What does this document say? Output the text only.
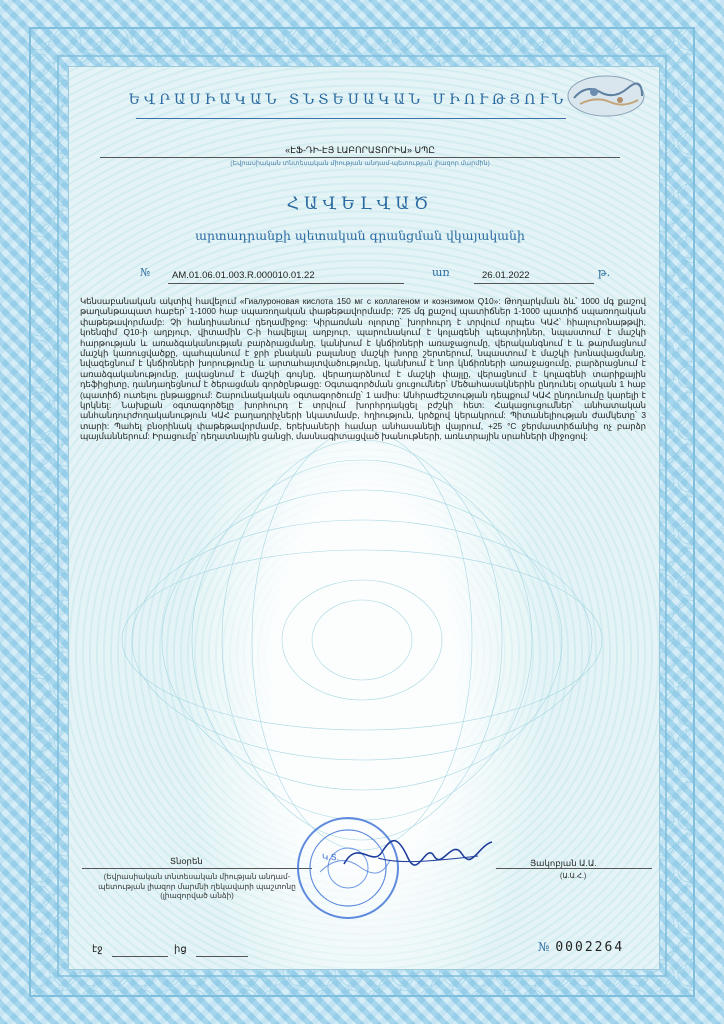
ԵՎՐԱՍԻԱԿԱՆ ՏՆՏԵՍԱԿԱՆ ՄԻՈՒԹՅՈՒՆ
«ԷՖ-ԴԻ-ԷՅ ԼԱԲՈՐԱՏՈՐԻԱ» ՍՊԸ
(Եվրասիական տնտեսական միության անդամ-պետության լիազոր մարմին)
ՀԱՎԵԼՎԱԾ
արտադրանքի պետական գրանցման վկայականի
№ AM.01.06.01.003.R.000010.01.22	առ	26.01.2022	թ.
Կենսաբանական ակտիվ հավելում «Гиалуроновая кислота 150 мг с коллагеном и коэнзимом Q10»: Թողարկման ձև՝ 1000 մգ քաշով թաղանթապատ հաբեր՝ 1-1000 հաբ սպառողական փաթեթավորմամբ; 725 մգ քաշով պատիճներ 1-1000 պատիճ սպառողական փաթեթավորմամբ: Չի հանդիսանում դեղամիջոց: Կիրառման ոլորտը՝ խորհուրդ է տրվում որպես ԿԱՀ՝ հիալուրոնաթթվի, կոենզիմ Q10-ի աղբյուր, վիտամին C-ի հավելյալ աղբյուր, պարունակում է կոլագենի պեպտիդներ, նպաստում է մաշկի հարթության և առաձգականության բարձրացմանը, կանխում է կնճիռների առաջացումը, վերականգնում է և թարմացնում մաշկի կառուցվածքը, պահպանում է ջրի բնական բալանսը մաշկի խորը շերտերում, նպաստում է մաշկի խոնավացմանը, նվազեցնում է կնճիռների խորությունը և արտահայտվածությունը, կանխում է նոր կնճիռների առաջացումը, բարձրացնում է առաձգականությունը, լավացնում է մաշկի գույնը, վերադարձնում է մաշկի փայլը, վերացնում է կոլագենի տարիքային դեֆիցիտը, դանդաղեցնում է ծերացման գործընթացը: Օգտագործման ցուցումներ՝ Մեծահասակներին ընդունել օրական 1 հաբ (պատիճ) ուտելու ընթացքում: Շարունակական օգտագործումը՝ 1 ամիս: Անհրաժեշտության դեպքում ԿԱՀ ընդունումը կարելի է կրկնել: Նախքան օգտագործելը խորհուրդ է տրվում խորհրդակցել բժշկի հետ: Հակացուցումներ՝ անհատական անհանդուրժողականություն ԿԱՀ բաղադրիչների նկատմամբ, հղիություն, կրծքով կերակրում: Պիտանելիության ժամկետը՝ 3 տարի: Պահել բնօրինակ փաթեթավորմամբ, երեխաների համար անհասանելի վայրում, +25 °C ջերմաստիճանից ոչ բարձր պայմաններում: Իրացումը՝ դեղատնային ցանցի, մասնագիտացված խանութների, առևտրային սրահների միջոցով:
Տնօրեն
(Եվրասիական տնտեսական միության անդամ-պետության լիազոր մարմնի ղեկավարի պաշտոնը (լիազորված անձի)
Կ.Տ.
Յակոբյան Ա.Ա.
(Ա.Ա.Հ.)
էջ	ից	№ 0002264
